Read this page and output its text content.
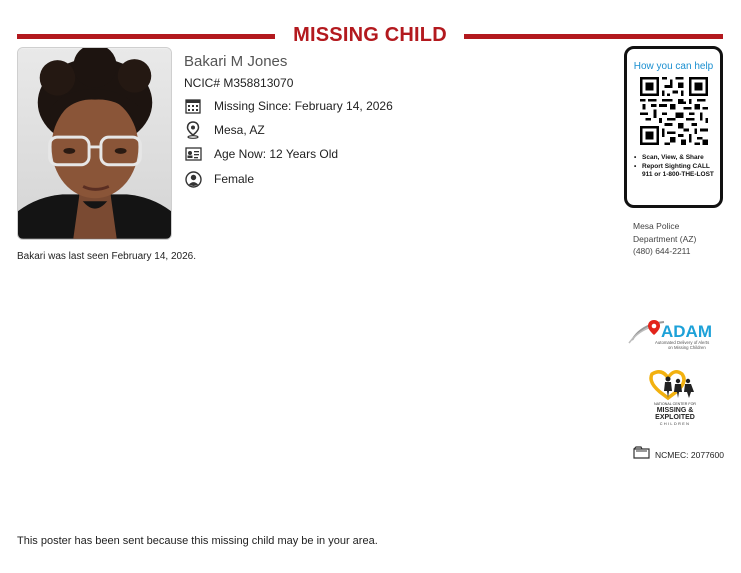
MISSING CHILD
Bakari M Jones
NCIC# M358813070
Missing Since: February 14, 2026
Mesa, AZ
Age Now: 12 Years Old
Female
Bakari was last seen February 14, 2026.
How you can help
• Scan, View, & Share
• Report Sighting CALL 911 or 1-800-THE-LOST
Mesa Police
Department (AZ)
(480) 644-2211
ADAM
Automated Delivery of Alerts
on Missing Children
NATIONAL CENTER FOR
MISSING &
EXPLOITED
CHILDREN
NCMEC: 2077600
This poster has been sent because this missing child may be in your area.
